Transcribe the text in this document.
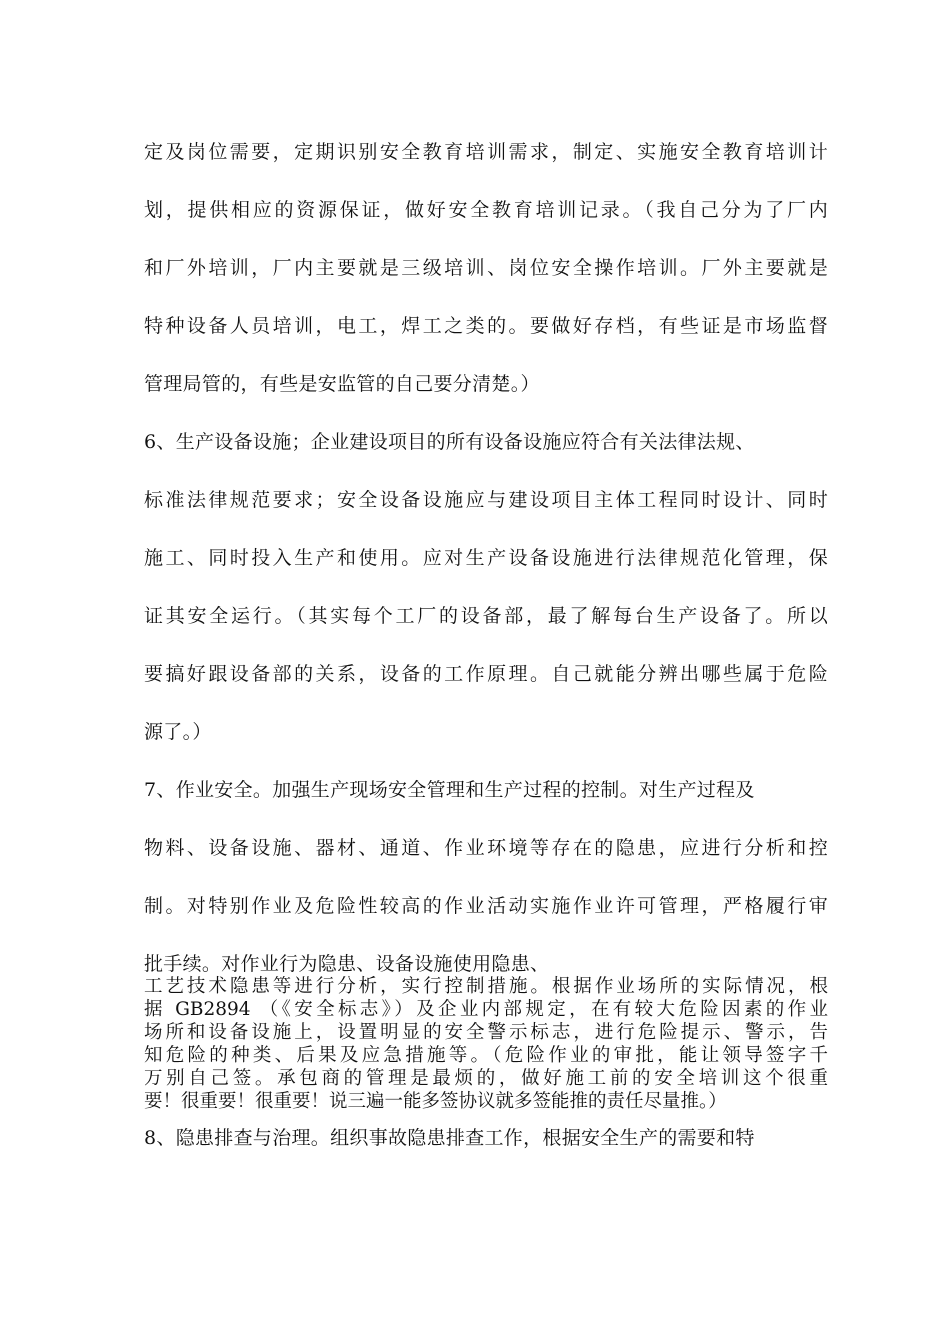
定及岗位需要，定期识别安全教育培训需求，制定、实施安全教育培训计
划，提供相应的资源保证，做好安全教育培训记录。（我自己分为了厂内
和厂外培训，厂内主要就是三级培训、岗位安全操作培训。厂外主要就是
特种设备人员培训，电工，焊工之类的。要做好存档，有些证是市场监督
管理局管的，有些是安监管的自己要分清楚。）
6、生产设备设施；企业建设项目的所有设备设施应符合有关法律法规、
标准法律规范要求；安全设备设施应与建设项目主体工程同时设计、同时
施工、同时投入生产和使用。应对生产设备设施进行法律规范化管理，保
证其安全运行。（其实每个工厂的设备部，最了解每台生产设备了。所以
要搞好跟设备部的关系，设备的工作原理。自己就能分辨出哪些属于危险
源了。）
7、作业安全。加强生产现场安全管理和生产过程的控制。对生产过程及
物料、设备设施、器材、通道、作业环境等存在的隐患，应进行分析和控
制。对特别作业及危险性较高的作业活动实施作业许可管理，严格履行审
批手续。对作业行为隐患、设备设施使用隐患、
工艺技术隐患等进行分析，实行控制措施。根据作业场所的实际情况，根
据 GB2894 （《安全标志》）及企业内部规定，在有较大危险因素的作业
场所和设备设施上，设置明显的安全警示标志，进行危险提示、警示，告
知危险的种类、后果及应急措施等。（危险作业的审批，能让领导签字千
万别自己签。承包商的管理是最烦的，做好施工前的安全培训这个很重
要！很重要！很重要！说三遍一能多签协议就多签能推的责任尽量推。）
8、隐患排查与治理。组织事故隐患排查工作，根据安全生产的需要和特
